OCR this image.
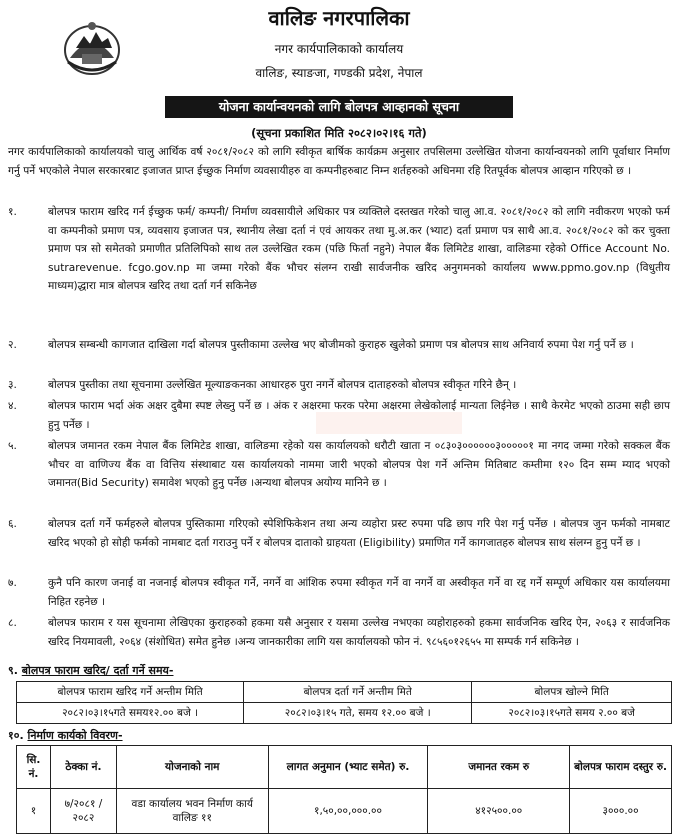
वालिङ नगरपालिका
नगर कार्यपालिकाको कार्यालय
वालिङ, स्याङजा, गण्डकी प्रदेश, नेपाल
योजना कार्यान्वयनको लागि बोलपत्र आव्हानको सूचना
(सूचना प्रकाशित मिति २०८२।०२।१६ गते)
नगर कार्यपालिकाको कार्यालयको चालु आर्थिक वर्ष २०८१/२०८२ को लागि स्वीकृत बार्षिक कार्यक्रम अनुसार तपसिलमा उल्लेखित योजना कार्यान्वयनको लागि पूर्वाधार निर्माण गर्नु पर्ने भएकोले नेपाल सरकारबाट इजाजत प्राप्त ईच्छुक निर्माण व्यवसायीहरु वा कम्पनीहरुबाट निम्न शर्तहरुको अधिनमा रहि रितपूर्वक बोलपत्र आव्हान गरिएको छ ।
१.	बोलपत्र फाराम खरिद गर्न ईच्छुक फर्म/ कम्पनी/ निर्माण व्यवसायीले अधिकार पत्र व्यक्तिले दस्तखत गरेको चालु आ.व. २०८१/२०८२ को लागि नवीकरण भएको फर्म वा कम्पनीको प्रमाण पत्र, व्यवसाय इजाजत पत्र, स्थानीय लेखा दर्ता नं एवं आयकर तथा मु.अ.कर (भ्याट) दर्ता प्रमाण पत्र साथै आ.व. २०८१/२०८२ को कर चुक्ता प्रमाण पत्र सो समेतको प्रमाणीत प्रतिलिपिको साथ तल उल्लेखित रकम (पछि फिर्ता नहुने) नेपाल बैंक लिमिटेड शाखा, वालिङमा रहेको Office Account No. sutrarevenue. fcgo.gov.np मा जम्मा गरेको बैंक भौचर संलग्न राखी सार्वजनीक खरिद अनुगमनको कार्यालय www.ppmo.gov.np (विधुतीय माध्यम)द्धारा मात्र बोलपत्र खरिद तथा दर्ता गर्न सकिनेछ
२.	बोलपत्र सम्बन्धी कागजात दाखिला गर्दा बोलपत्र पुस्तीकामा उल्लेख भए बोजीमको कुराहरु खुलेको प्रमाण पत्र बोलपत्र साथ अनिवार्य रुपमा पेश गर्नु पर्ने छ ।
३.	बोलपत्र पुस्तीका तथा सूचनामा उल्लेखित मूल्याङकनका आधारहरु पुरा नगर्ने बोलपत्र दाताहरुको बोलपत्र स्वीकृत गरिने छैन् ।
४.	बोलपत्र फाराम भर्दा अंक अक्षर दुबैमा स्पष्ट लेख्नु पर्ने छ । अंक र अक्षरमा फरक परेमा अक्षरमा लेखेकोलाई मान्यता लिईनेछ । साथै केरमेट भएको ठाउमा सही छाप हुनु पर्नेछ ।
५.	बोलपत्र जमानत रकम नेपाल बैंक लिमिटेड शाखा, वालिङमा रहेको यस कार्यालयको धरौटी खाता न ०८३०३००००००३०००००१ मा नगद जम्मा गरेको सक्कल बैंक भौचर वा वाणिज्य बैंक वा वित्तिय संस्थाबाट यस कार्यालयको नाममा जारी भएको बोलपत्र पेश गर्ने अन्तिम मितिबाट कम्तीमा १२० दिन सम्म म्याद भएको जमानत(Bid Security) समावेश भएको हुनु पर्नेछ ।अन्यथा बोलपत्र अयोग्य मानिने छ ।
६.	बोलपत्र दर्ता गर्ने फर्महरुले बोलपत्र पुस्तिकामा गरिएको स्पेशिफिकेशन तथा अन्य व्यहोरा प्रस्ट रुपमा पढि छाप गरि पेश गर्नु पर्नेछ । बोलपत्र जुन फर्मको नामबाट खरिद भएको हो सोही फर्मको नामबाट दर्ता गराउनु पर्ने र बोलपत्र दाताको ग्राहयता (Eligibility) प्रमाणित गर्ने कागजातहरु बोलपत्र साथ संलग्न हुनु पर्ने छ ।
७.	कुनै पनि कारण जनाई वा नजनाई बोलपत्र स्वीकृत गर्ने, नगर्ने वा आंशिक रुपमा स्वीकृत गर्ने वा नगर्ने वा अस्वीकृत गर्ने वा रद्द गर्ने सम्पूर्ण अधिकार यस कार्यालयमा निहित रहनेछ ।
८.	बोलपत्र फाराम र यस सूचनामा लेखिएका कुराहरुको हकमा यसै अनुसार र यसमा उल्लेख नभएका व्यहोराहरुको हकमा सार्वजनिक खरिद ऐन, २०६३ र सार्वजनिक खरिद नियमावली, २०६४ (संशोधित) समेत हुनेछ ।अन्य जानकारीका लागि यस कार्यालयको फोन नं. ९८५६०१२६५५ मा सम्पर्क गर्न सकिनेछ ।
९. बोलपत्र फाराम खरिद/ दर्ता गर्ने समय-
बोलपत्र फाराम खरिद गर्ने अन्तीम मिति	बोलपत्र दर्ता गर्ने अन्तीम मिते	बोलपत्र खोल्ने मिति
२०८२।०३।१५गते समय१२.०० बजे ।	२०८२।०३।१५ गते, समय १२.०० बजे ।	२०८२।०३।१५गते समय २.०० बजे
१०. निर्माण कार्यको विवरण-
सि. नं.	ठेक्का नं.	योजनाको नाम	लागत अनुमान (भ्याट समेत) रु.	जमानत रकम रु	बोलपत्र फाराम दस्तुर रु.
१	७/२०८१ /२०८२	वडा कार्यालय भवन निर्माण कार्य वालिङ ११	१,५०,००,०००.००	४१२५००.००	३०००.००
